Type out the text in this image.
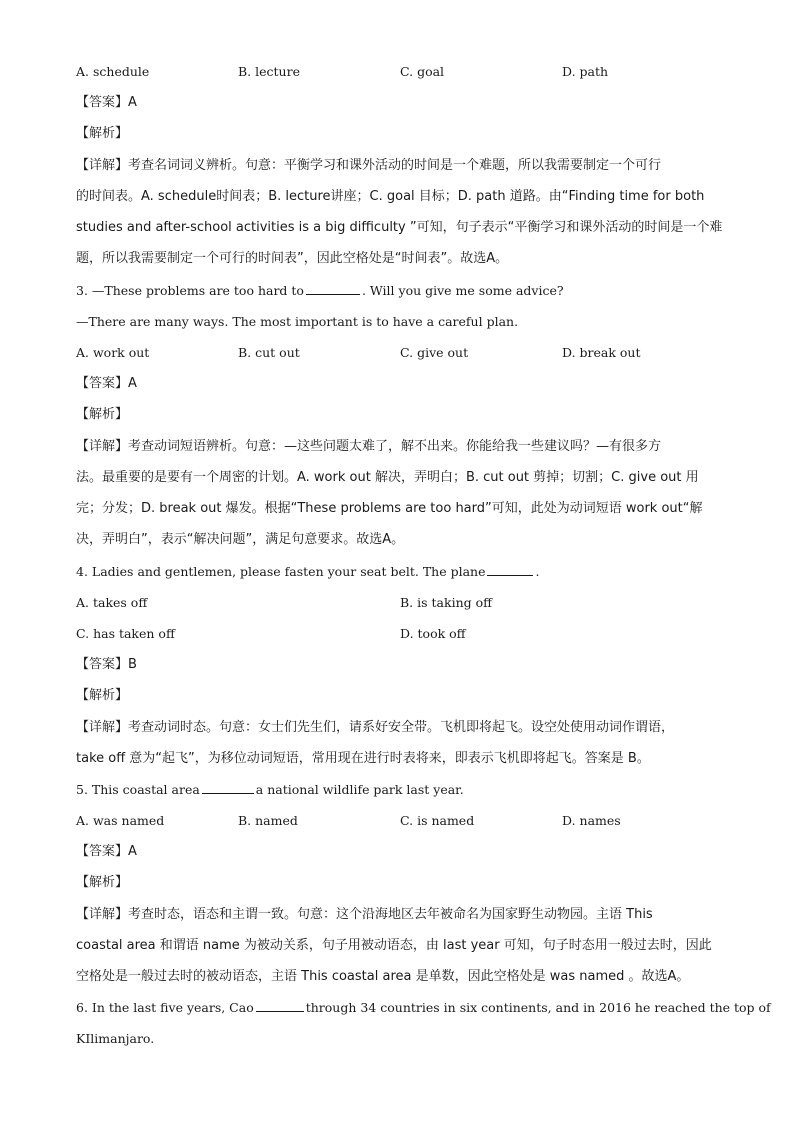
A. schedule	B. lecture	C. goal	D. path
【答案】A
【解析】
【详解】考查名词词义辨析。句意：平衡学习和课外活动的时间是一个难题，所以我需要制定一个可行
的时间表。A. schedule时间表；B. lecture讲座；C. goal 目标；D. path 道路。由“Finding time for both
studies and after-school activities is a big difficulty ”可知，句子表示“平衡学习和课外活动的时间是一个难
题，所以我需要制定一个可行的时间表”，因此空格处是“时间表”。故选A。
3. —These problems are too hard to	. Will you give me some advice?
—There are many ways. The most important is to have a careful plan.
A. work out	B. cut out	C. give out	D. break out
【答案】A
【解析】
【详解】考查动词短语辨析。句意：—这些问题太难了，解不出来。你能给我一些建议吗？—有很多方
法。最重要的是要有一个周密的计划。A. work out 解决，弄明白；B. cut out 剪掉；切割；C. give out 用
完；分发；D. break out 爆发。根据“These problems are too hard”可知，此处为动词短语 work out“解
决，弄明白”，表示“解决问题”，满足句意要求。故选A。
4. Ladies and gentlemen, please fasten your seat belt. The plane	.
A. takes off	B. is taking off
C. has taken off	D. took off
【答案】B
【解析】
【详解】考查动词时态。句意：女士们先生们，请系好安全带。飞机即将起飞。设空处使用动词作谓语，
take off 意为“起飞”，为移位动词短语，常用现在进行时表将来，即表示飞机即将起飞。答案是 B。
5. This coastal area	a national wildlife park last year.
A. was named	B. named	C. is named	D. names
【答案】A
【解析】
【详解】考查时态，语态和主谓一致。句意：这个沿海地区去年被命名为国家野生动物园。主语 This
coastal area 和谓语 name 为被动关系，句子用被动语态，由 last year 可知，句子时态用一般过去时，因此
空格处是一般过去时的被动语态，主语 This coastal area 是单数，因此空格处是 was named 。故选A。
6. In the last five years, Cao	through 34 countries in six continents, and in 2016 he reached the top of
KIlimanjaro.
